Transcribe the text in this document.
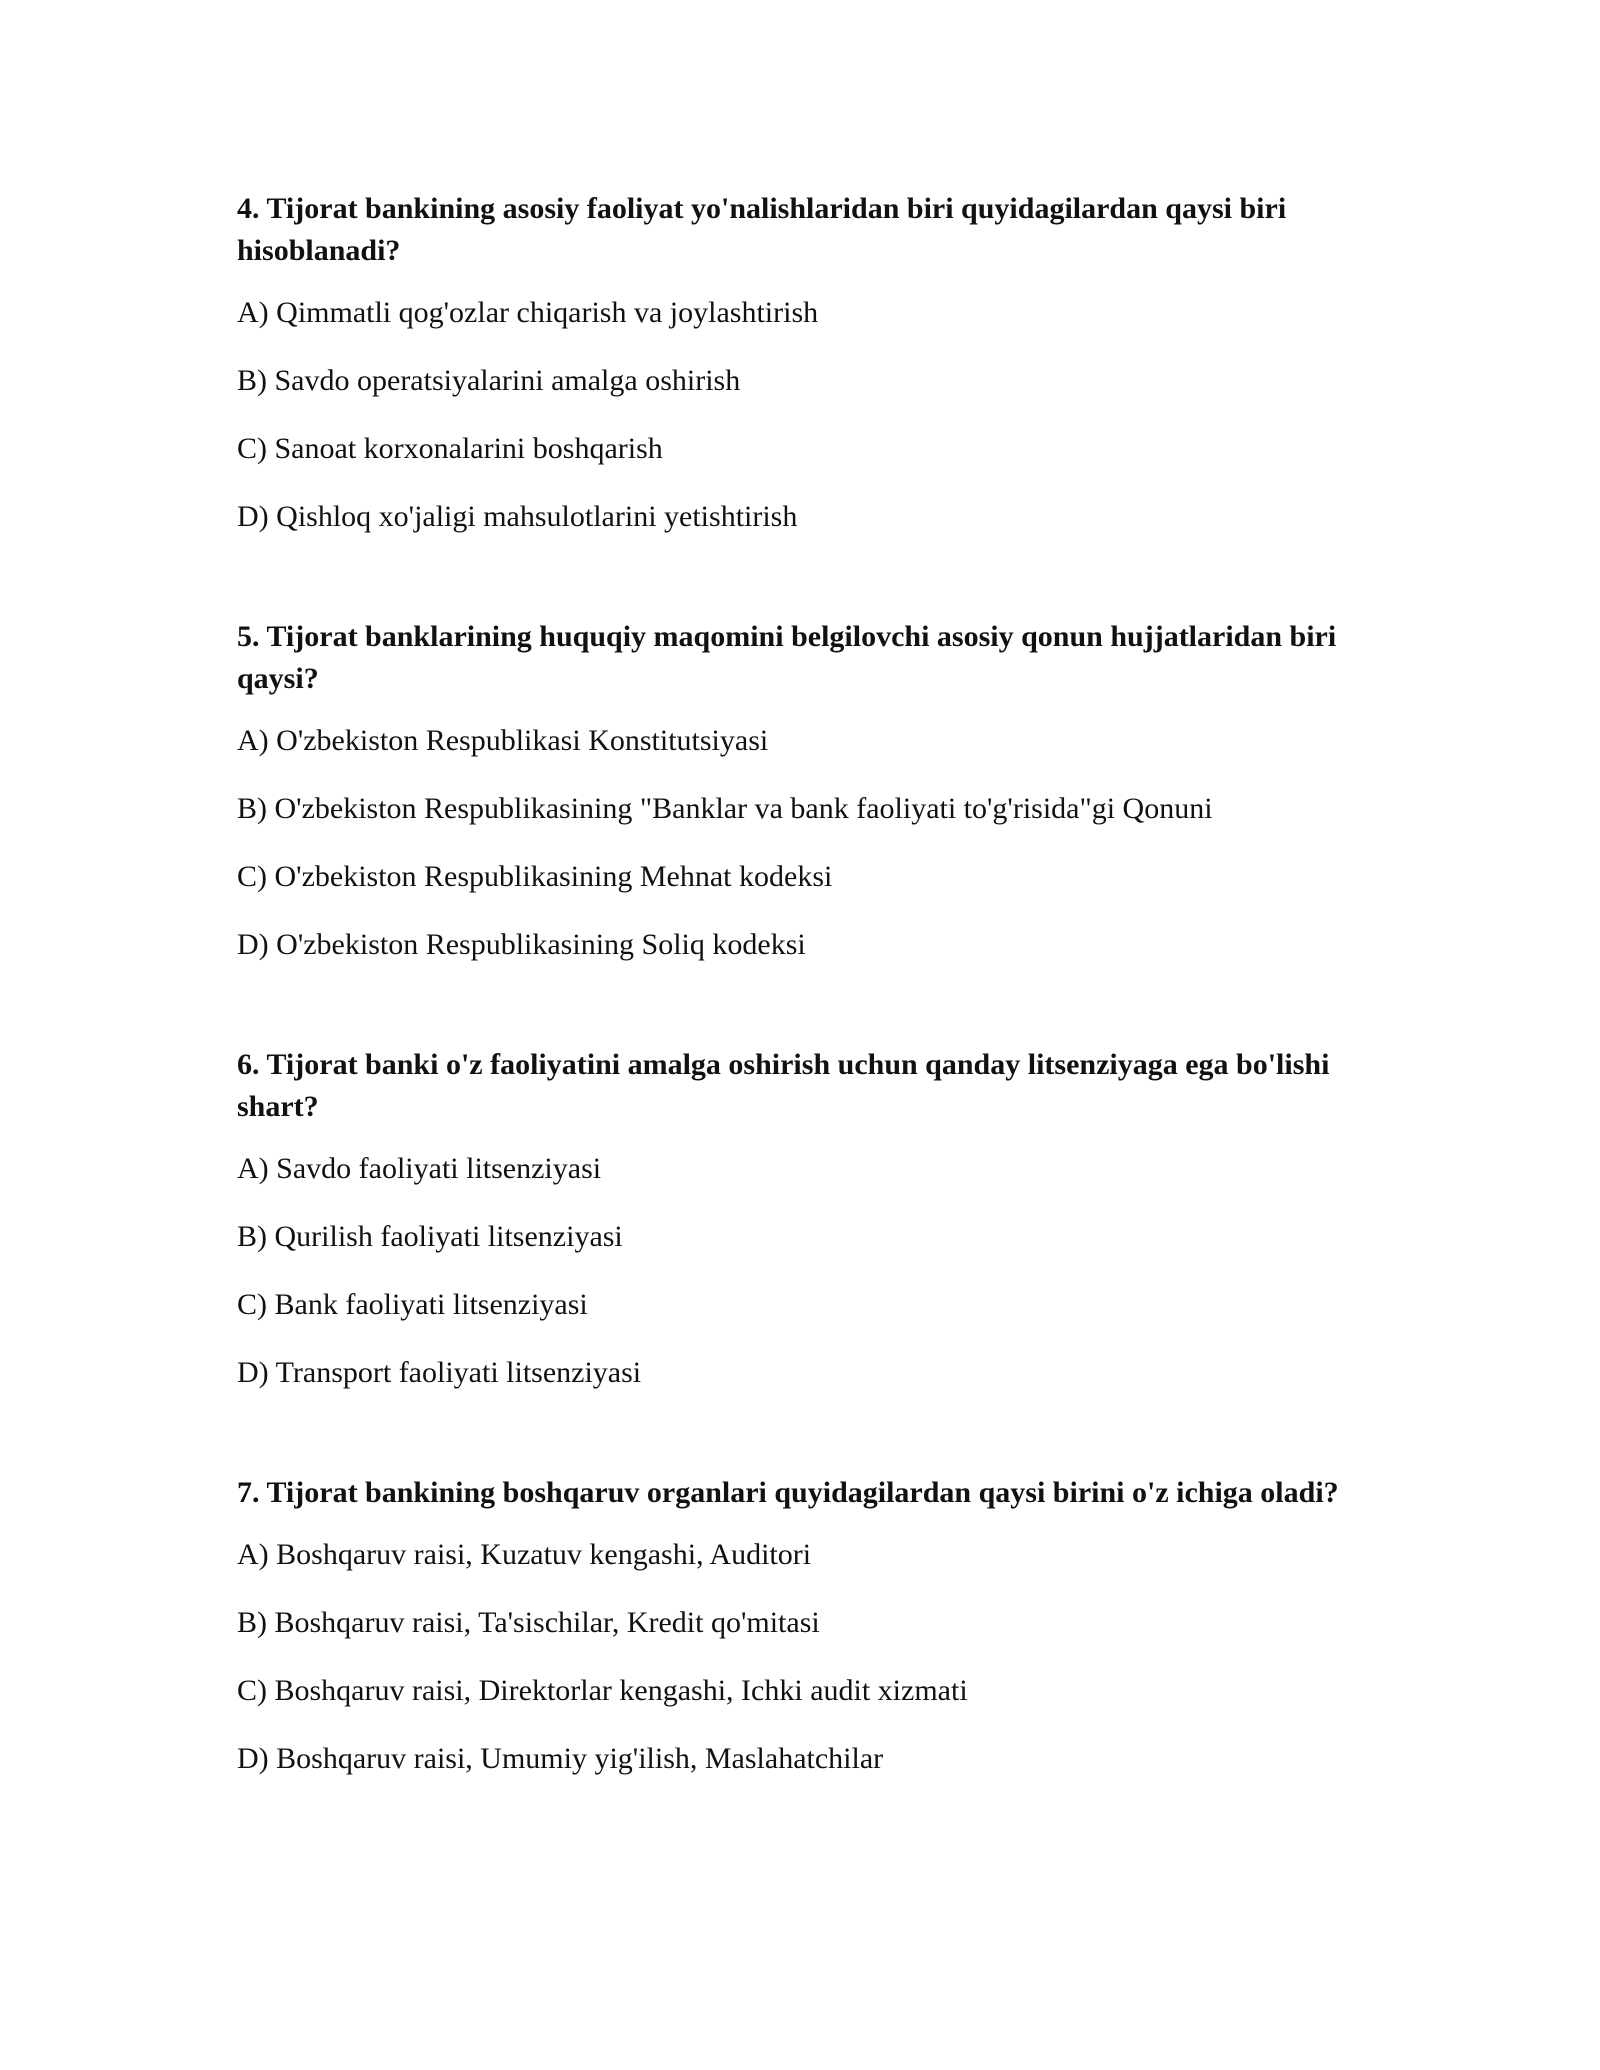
4. Tijorat bankining asosiy faoliyat yo'nalishlaridan biri quyidagilardan qaysi biri hisoblanadi?
A) Qimmatli qog'ozlar chiqarish va joylashtirish
B) Savdo operatsiyalarini amalga oshirish
C) Sanoat korxonalarini boshqarish
D) Qishloq xo'jaligi mahsulotlarini yetishtirish
5. Tijorat banklarining huquqiy maqomini belgilovchi asosiy qonun hujjatlaridan biri qaysi?
A) O'zbekiston Respublikasi Konstitutsiyasi
B) O'zbekiston Respublikasining "Banklar va bank faoliyati to'g'risida"gi Qonuni
C) O'zbekiston Respublikasining Mehnat kodeksi
D) O'zbekiston Respublikasining Soliq kodeksi
6. Tijorat banki o'z faoliyatini amalga oshirish uchun qanday litsenziyaga ega bo'lishi shart?
A) Savdo faoliyati litsenziyasi
B) Qurilish faoliyati litsenziyasi
C) Bank faoliyati litsenziyasi
D) Transport faoliyati litsenziyasi
7. Tijorat bankining boshqaruv organlari quyidagilardan qaysi birini o'z ichiga oladi?
A) Boshqaruv raisi, Kuzatuv kengashi, Auditori
B) Boshqaruv raisi, Ta'sischilar, Kredit qo'mitasi
C) Boshqaruv raisi, Direktorlar kengashi, Ichki audit xizmati
D) Boshqaruv raisi, Umumiy yig'ilish, Maslahatchilar
